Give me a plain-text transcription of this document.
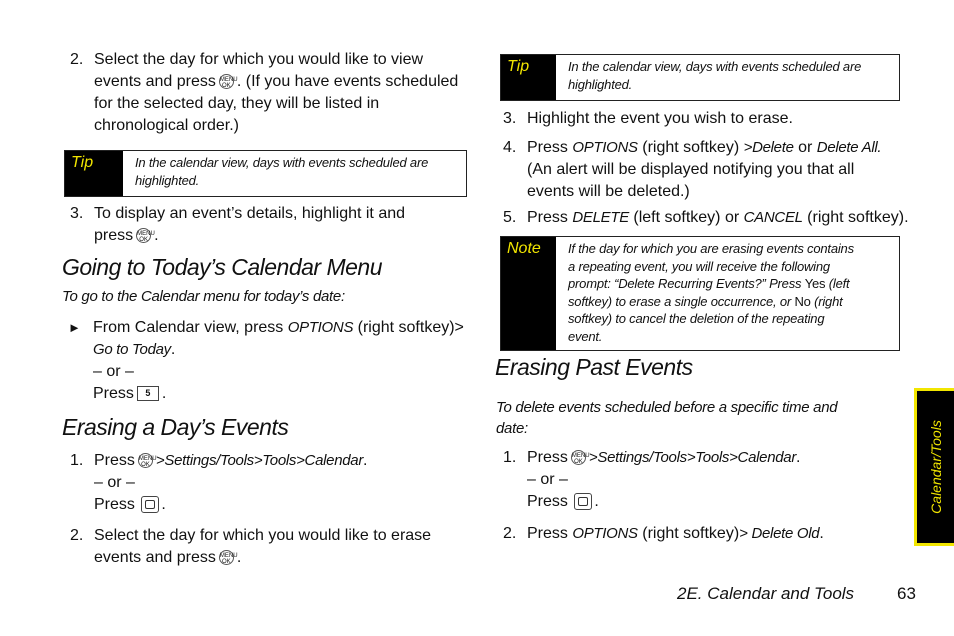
2. Select the day for which you would like to view
events and press MENU
OK . (If you have events scheduled
for the selected day, they will be listed in
chronological order.)
Tip	In the calendar view, days with events scheduled are
highlighted.
3. To display an event’s details, highlight it and
press MENU
OK .
Going to Today’s Calendar Menu
To go to the Calendar menu for today’s date:
► From Calendar view, press OPTIONS (right softkey)>
Go to Today.
– or –
Press 5 .
Erasing a Day’s Events
1. Press MENU
OK >Settings/Tools>Tools>Calendar.
– or –
Press .
2. Select the day for which you would like to erase
events and press MENU
OK .
Tip	In the calendar view, days with events scheduled are
highlighted.
3. Highlight the event you wish to erase.
4. Press OPTIONS (right softkey) >Delete or Delete All.
(An alert will be displayed notifying you that all
events will be deleted.)
5. Press DELETE (left softkey) or CANCEL (right softkey).
Note	If the day for which you are erasing events contains
a repeating event, you will receive the following
prompt: “Delete Recurring Events?” Press Yes (left
softkey) to erase a single occurrence, or No (right
softkey) to cancel the deletion of the repeating
event.
Erasing Past Events
To delete events scheduled before a specific time and
date:
1. Press MENU
OK >Settings/Tools>Tools>Calendar.
– or –
Press .
2. Press OPTIONS (right softkey)> Delete Old.
Calendar/Tools
2E. Calendar and Tools	63
